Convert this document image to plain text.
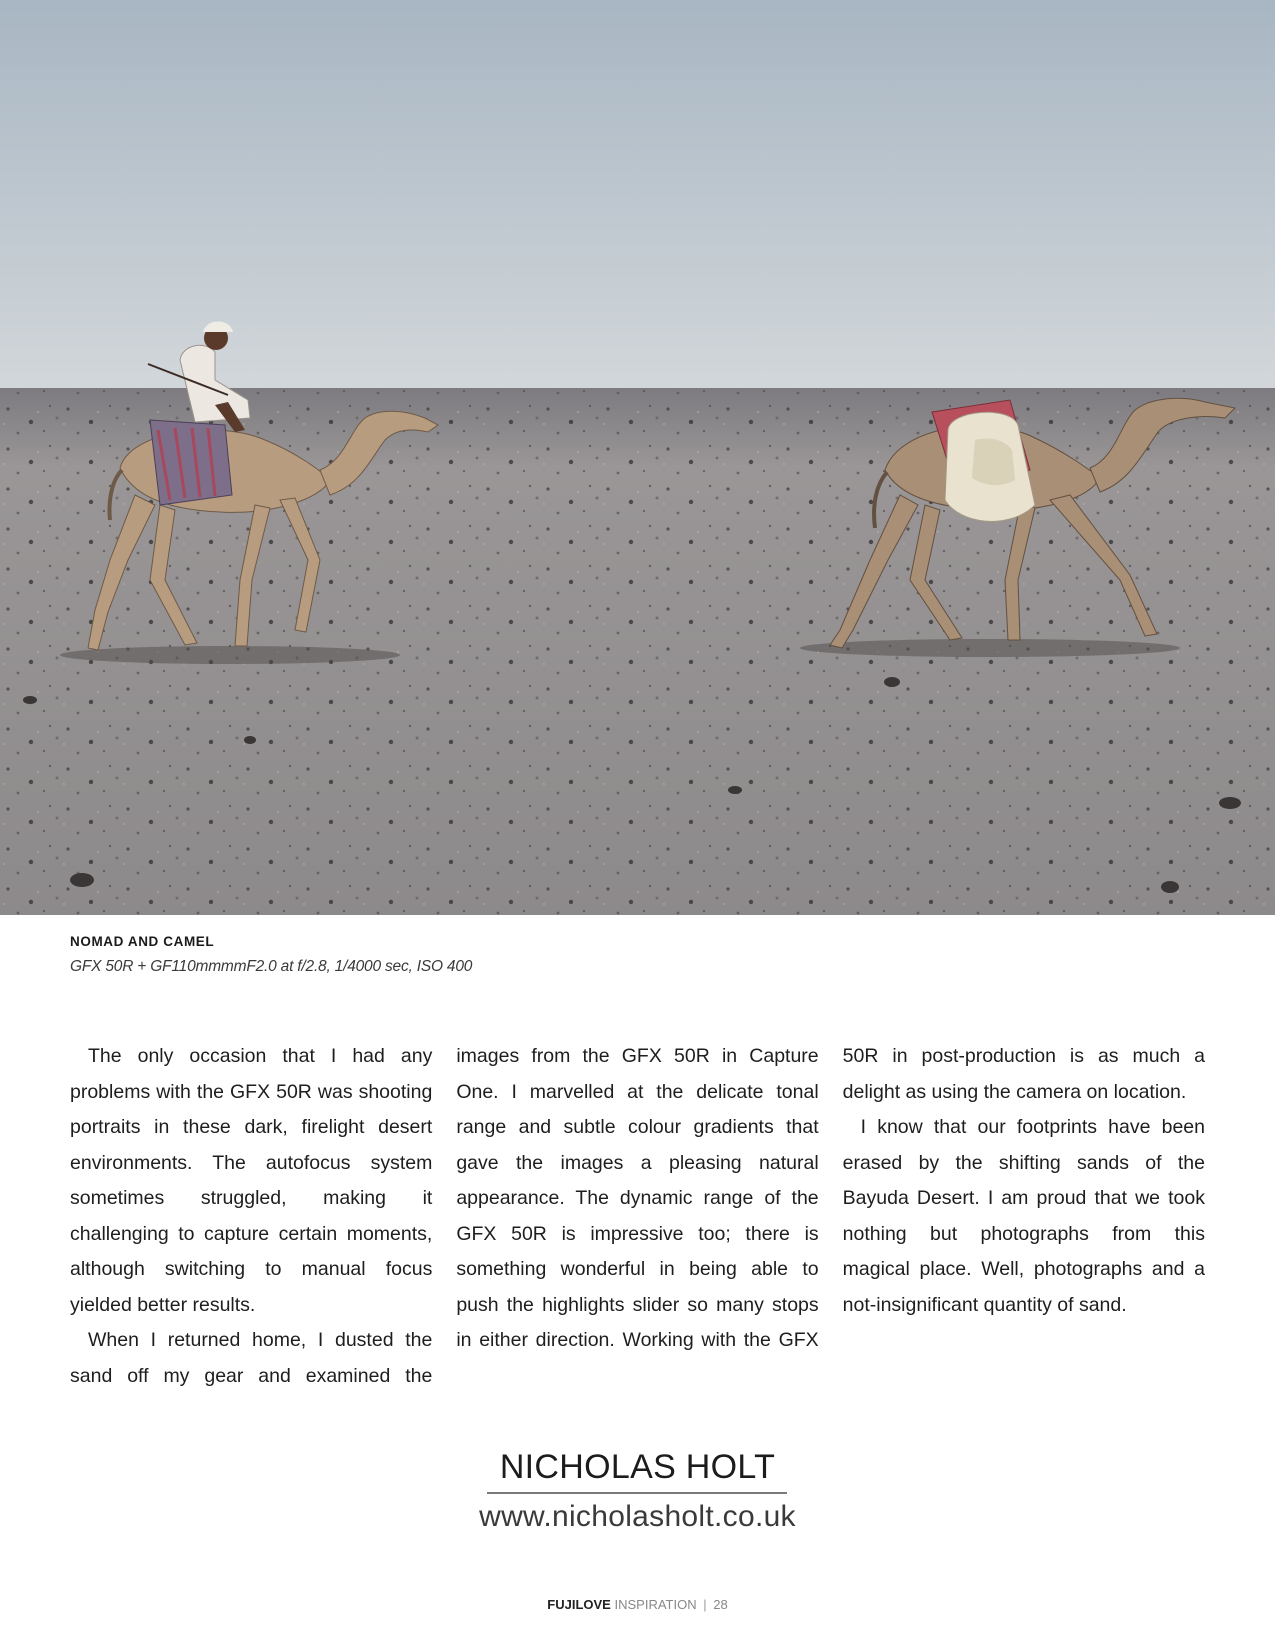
NOMAD AND CAMEL
GFX 50R + GF110mmmmF2.0 at f/2.8, 1/4000 sec, ISO 400

The only occasion that I had any problems with the GFX 50R was shooting portraits in these dark, firelight desert environments. The autofocus system sometimes struggled, making it challenging to capture certain moments, although switching to manual focus yielded better results.

When I returned home, I dusted the sand off my gear and examined the images from the GFX 50R in Capture One. I marvelled at the delicate tonal range and subtle colour gradients that gave the images a pleasing natural appearance. The dynamic range of the GFX 50R is impressive too; there is something wonderful in being able to push the highlights slider so many stops in either direction. Working with the GFX 50R in post-production is as much a delight as using the camera on location.

I know that our footprints have been erased by the shifting sands of the Bayuda Desert. I am proud that we took nothing but photographs from this magical place. Well, photographs and a not-insignificant quantity of sand.

NICHOLAS HOLT
www.nicholasholt.co.uk
FUJILOVE INSPIRATION | 28
